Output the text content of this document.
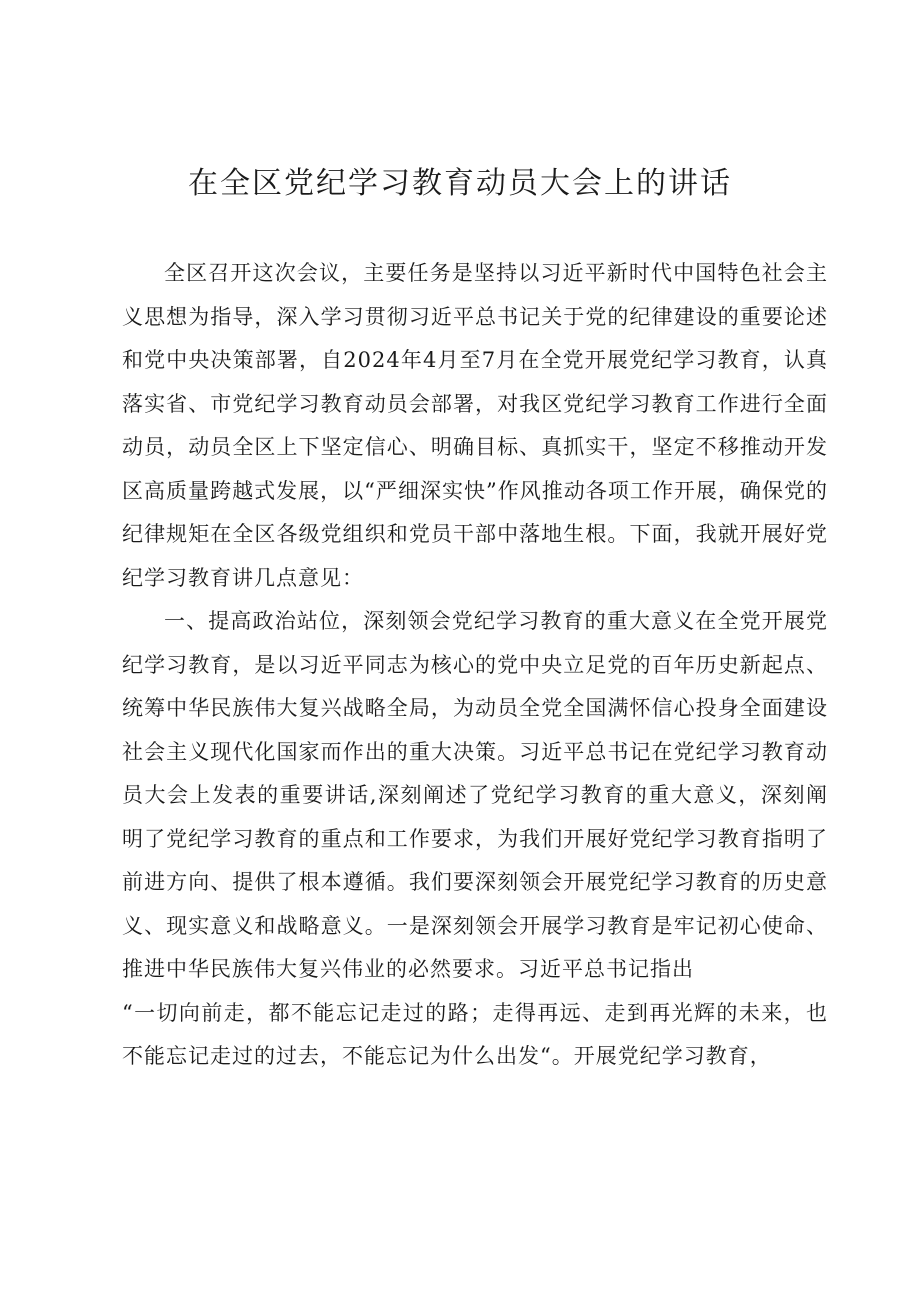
在全区党纪学习教育动员大会上的讲话

全区召开这次会议，主要任务是坚持以习近平新时代中国特色社会主义思想为指导，深入学习贯彻习近平总书记关于党的纪律建设的重要论述和党中央决策部署，自2024年4月至7月在全党开展党纪学习教育，认真落实省、市党纪学习教育动员会部署，对我区党纪学习教育工作进行全面动员，动员全区上下坚定信心、明确目标、真抓实干，坚定不移推动开发区高质量跨越式发展，以“严细深实快”作风推动各项工作开展，确保党的纪律规矩在全区各级党组织和党员干部中落地生根。下面，我就开展好党纪学习教育讲几点意见：

一、提高政治站位，深刻领会党纪学习教育的重大意义在全党开展党纪学习教育，是以习近平同志为核心的党中央立足党的百年历史新起点、统筹中华民族伟大复兴战略全局，为动员全党全国满怀信心投身全面建设社会主义现代化国家而作出的重大决策。习近平总书记在党纪学习教育动员大会上发表的重要讲话,深刻阐述了党纪学习教育的重大意义，深刻阐明了党纪学习教育的重点和工作要求，为我们开展好党纪学习教育指明了前进方向、提供了根本遵循。我们要深刻领会开展党纪学习教育的历史意义、现实意义和战略意义。一是深刻领会开展学习教育是牢记初心使命、推进中华民族伟大复兴伟业的必然要求。习近平总书记指出

“一切向前走，都不能忘记走过的路；走得再远、走到再光辉的未来，也不能忘记走过的过去，不能忘记为什么出发“。开展党纪学习教育，
